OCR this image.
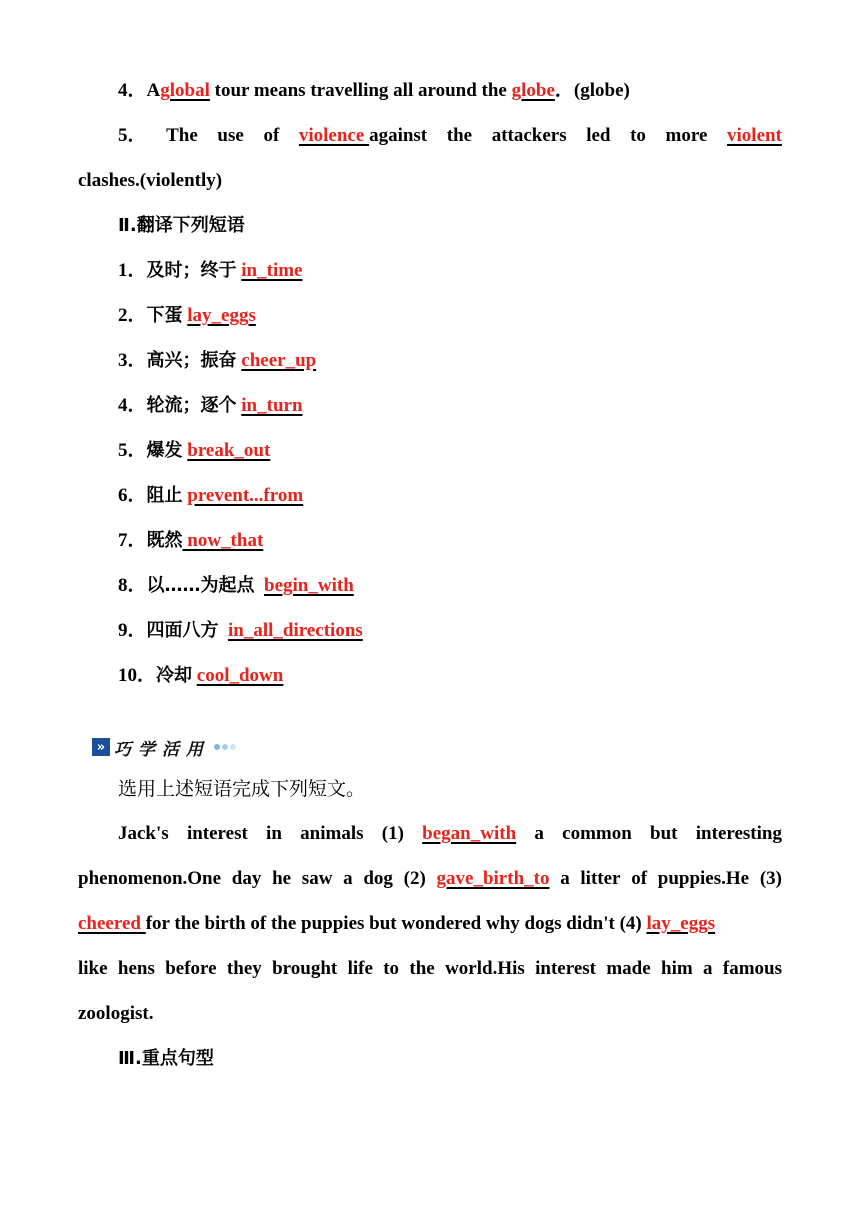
4．Aglobal tour means travelling all around the globe．(globe)
5． The use of violence against the attackers led to more violent
clashes.(violently)
Ⅱ.翻译下列短语
1．及时；终于 in_time
2．下蛋 lay_eggs
3．高兴；振奋 cheer_up
4．轮流；逐个 in_turn
5．爆发 break_out
6．阻止 prevent...from
7．既然 now_that
8．以……为起点 begin_with
9．四面八方 in_all_directions
10．冷却 cool_down
» 巧学活用
选用上述短语完成下列短文。
Jack's interest in animals (1) began_with a common but interesting
phenomenon.One day he saw a dog (2) gave_birth_to a litter of puppies.He (3)
cheered for the birth of the puppies but wondered why dogs didn't (4) lay_eggs
like hens before they brought life to the world.His interest made him a famous
zoologist.
Ⅲ.重点句型
